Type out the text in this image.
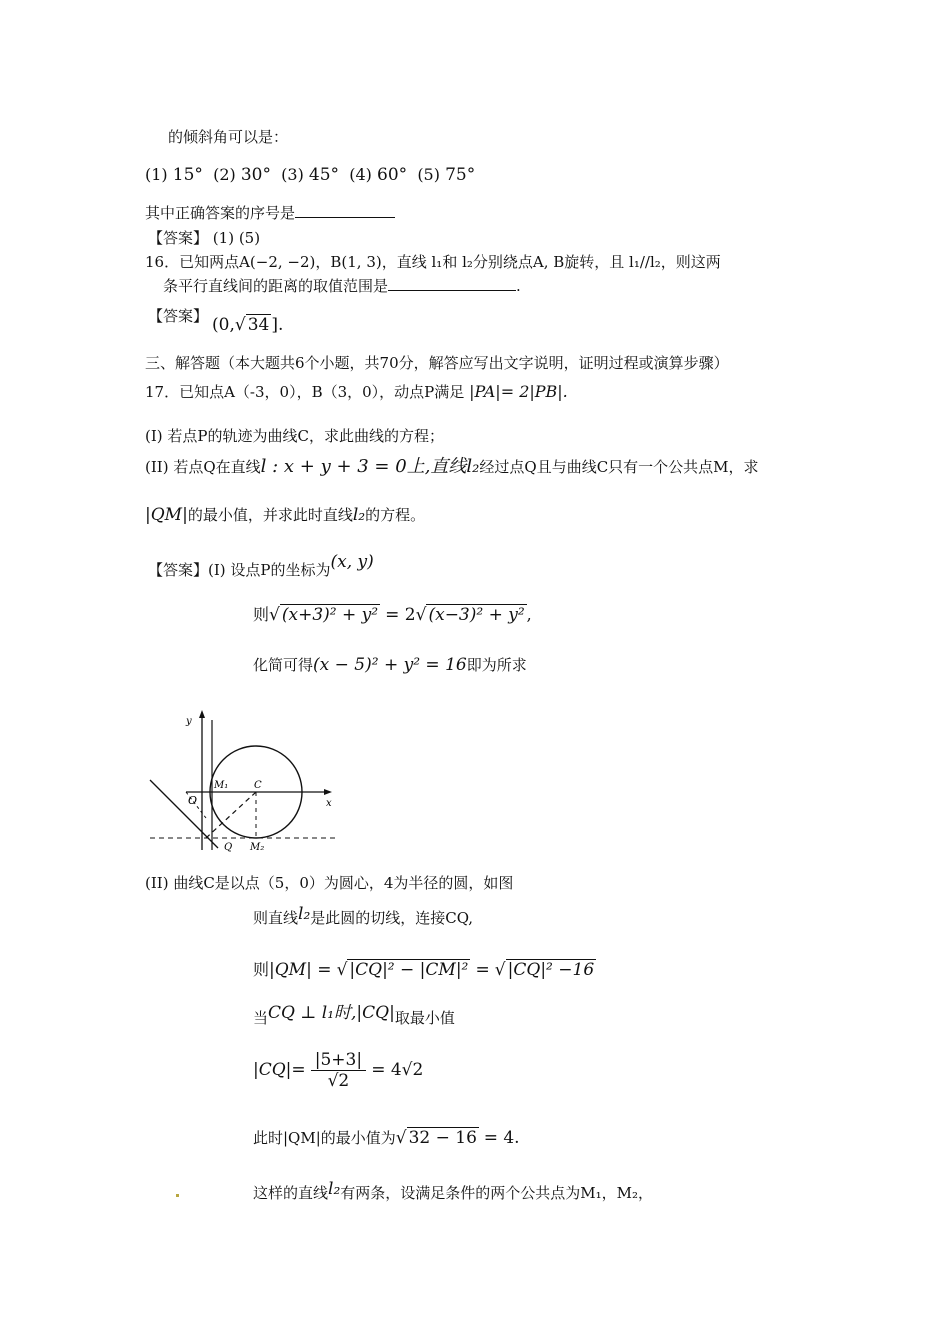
的倾斜角可以是：
(1) 15° (2) 30° (3) 45° (4) 60° (5) 75°
其中正确答案的序号是
【答案】 (1) (5)
16．已知两点A(−2, −2)，B(1, 3)，直线 l₁和 l₂分别绕点A, B旋转，且 l₁//l₂，则这两
条平行直线间的距离的取值范围是	.
【答案】 (0,√ 34 ].
三、解答题（本大题共6个小题，共70分，解答应写出文字说明，证明过程或演算步骤）
17．已知点A（-3，0），B（3，0），动点P满足 |PA|= 2|PB|.
(I) 若点P的轨迹为曲线C，求此曲线的方程；
(II) 若点Q在直线l : x + y + 3 = 0上,直线l₂经过点Q且与曲线C只有一个公共点M，求
|QM|的最小值，并求此时直线l₂的方程。
【答案】(I) 设点P的坐标为(x, y)
则√ (x+3)² + y² = 2√ (x−3)² + y² ,
化简可得(x − 5)² + y² = 16即为所求
y
x
O
M₁	C
Q M₂
(II) 曲线C是以点（5，0）为圆心，4为半径的圆，如图
则直线l₂是此圆的切线，连接CQ,
则|QM| = √ |CQ|² − |CM|² = √ |CQ|² −16
当CQ ⊥ l₁时,|CQ|取最小值
$|CQ|= \frac{|5+3|}{√2} = 4√2$
此时|QM|的最小值为√ 32 − 16 = 4.
这样的直线l₂有两条，设满足条件的两个公共点为M₁，M₂，
